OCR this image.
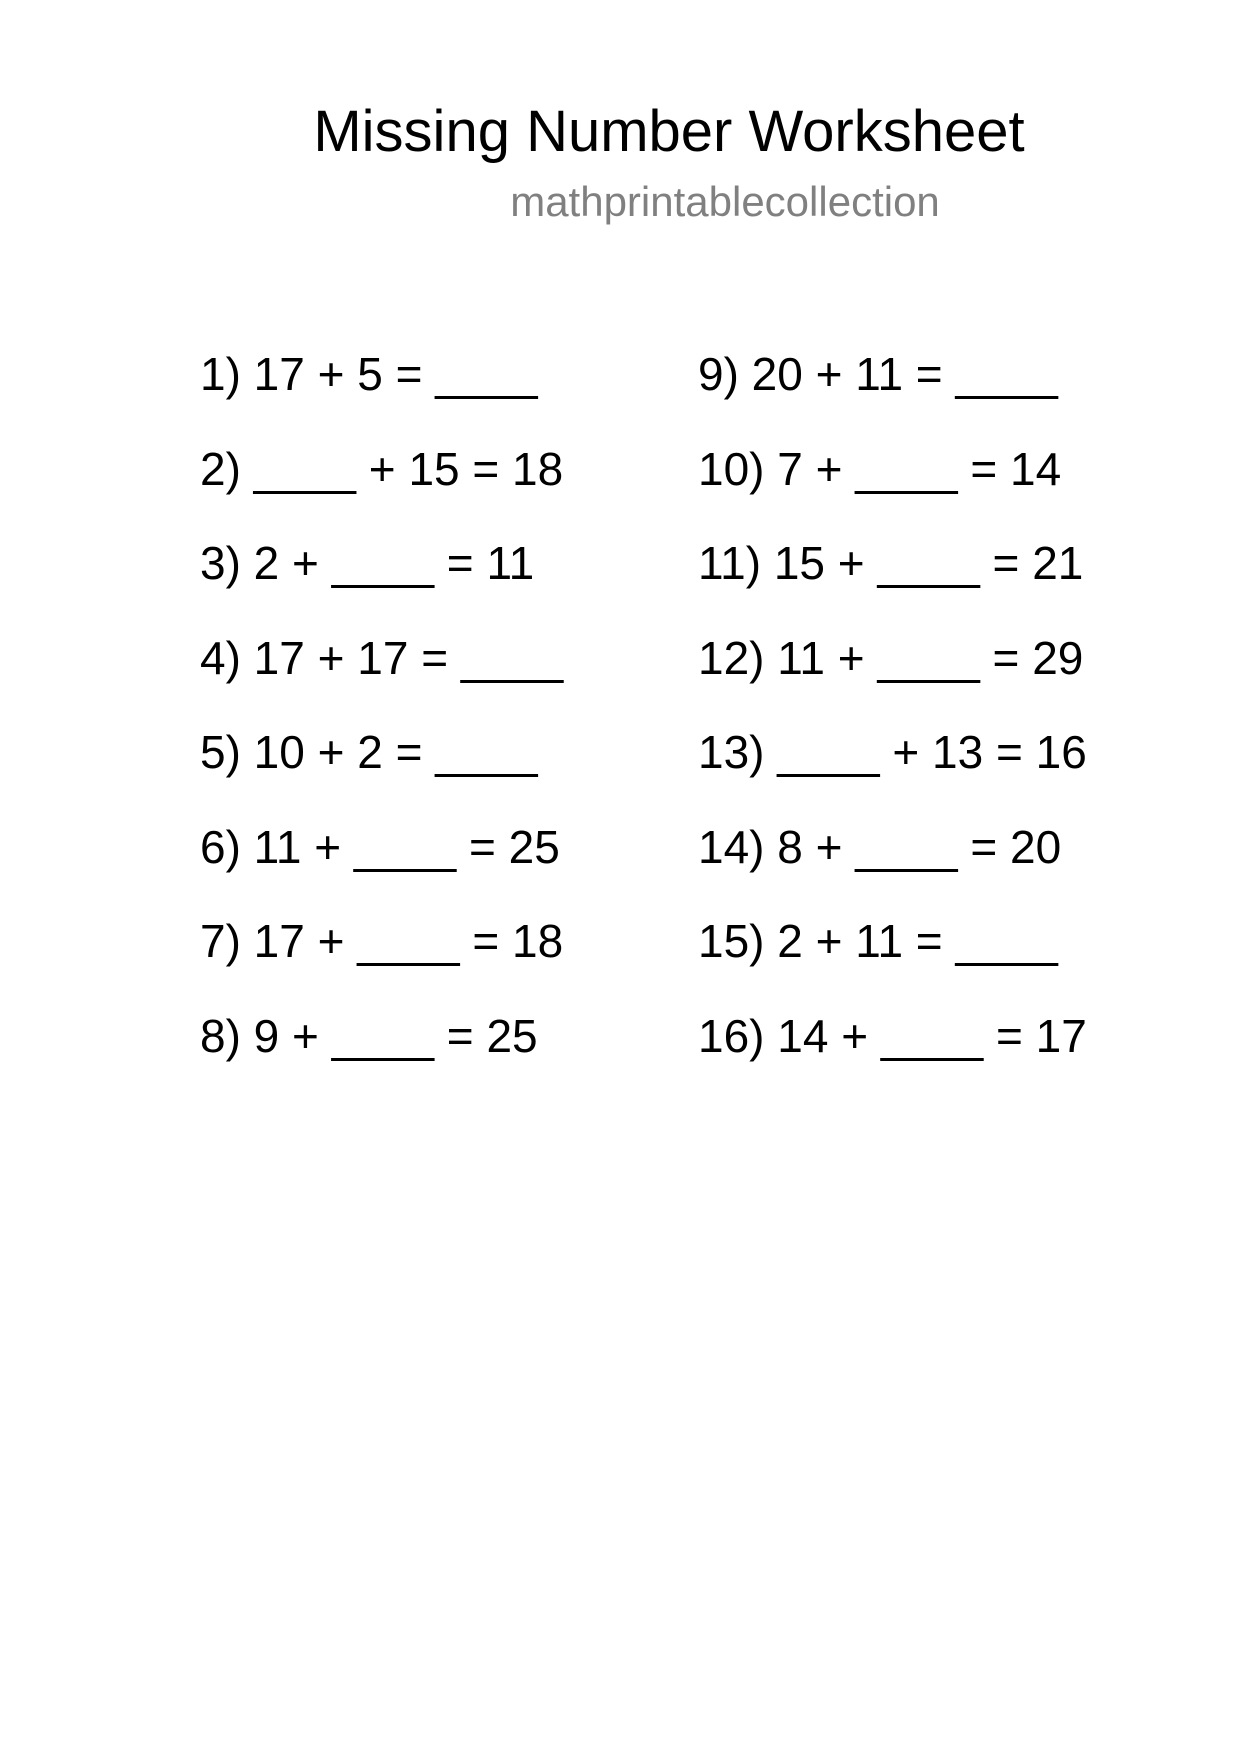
Missing Number Worksheet
mathprintablecollection
1) 17 + 5 = ____
2) ____ + 15 = 18
3) 2 + ____ = 11
4) 17 + 17 = ____
5) 10 + 2 = ____
6) 11 + ____ = 25
7) 17 + ____ = 18
8) 9 + ____ = 25
9) 20 + 11 = ____
10) 7 + ____ = 14
11) 15 + ____ = 21
12) 11 + ____ = 29
13) ____ + 13 = 16
14) 8 + ____ = 20
15) 2 + 11 = ____
16) 14 + ____ = 17
